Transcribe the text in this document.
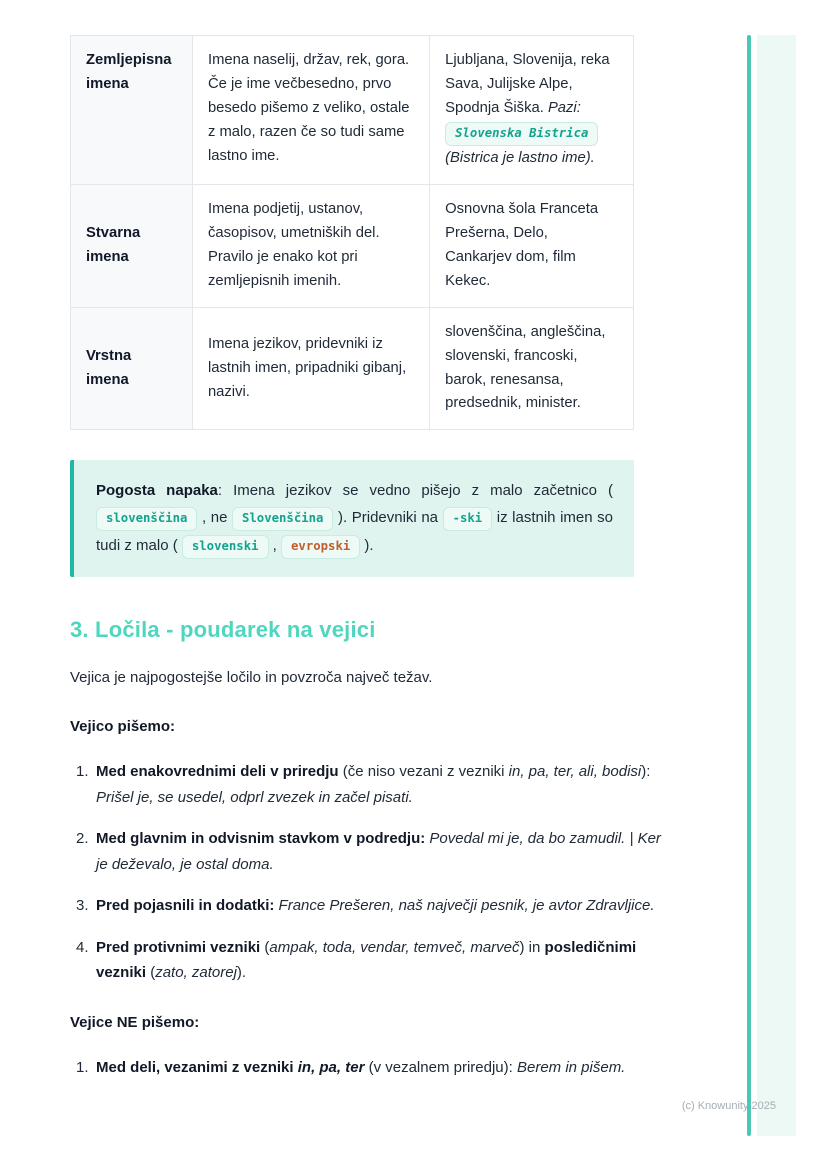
Zemljepisna imena	Imena naselij, držav, rek, gora. Če je ime večbesedno, prvo besedo pišemo z veliko, ostale z malo, razen če so tudi same lastno ime.	Ljubljana, Slovenija, reka Sava, Julijske Alpe, Spodnja Šiška. Pazi: Slovenska Bistrica (Bistrica je lastno ime).
Stvarna imena	Imena podjetij, ustanov, časopisov, umetniških del. Pravilo je enako kot pri zemljepisnih imenih.	Osnovna šola Franceta Prešerna, Delo, Cankarjev dom, film Kekec.
Vrstna imena	Imena jezikov, pridevniki iz lastnih imen, pripadniki gibanj, nazivi.	slovenščina, angleščina, slovenski, francoski, barok, renesansa, predsednik, minister.
Pogosta napaka: Imena jezikov se vedno pišejo z malo začetnico ( slovenščina , ne Slovenščina ). Pridevniki na -ski iz lastnih imen so tudi z malo ( slovenski , evropski ).
3. Ločila - poudarek na vejici

Vejica je najpogostejše ločilo in povzroča največ težav.

Vejico pišemo:

1. Med enakovrednimi deli v priredju (če niso vezani z vezniki in, pa, ter, ali, bodisi): Prišel je, se usedel, odprl zvezek in začel pisati.
2. Med glavnim in odvisnim stavkom v podredju: Povedal mi je, da bo zamudil. | Ker je deževalo, je ostal doma.
3. Pred pojasnili in dodatki: France Prešeren, naš največji pesnik, je avtor Zdravljice.
4. Pred protivnimi vezniki (ampak, toda, vendar, temveč, marveč) in posledičnimi vezniki (zato, zatorej).

Vejice NE pišemo:

1. Med deli, vezanimi z vezniki in, pa, ter (v vezalnem priredju): Berem in pišem.
(c) Knowunity 2025
